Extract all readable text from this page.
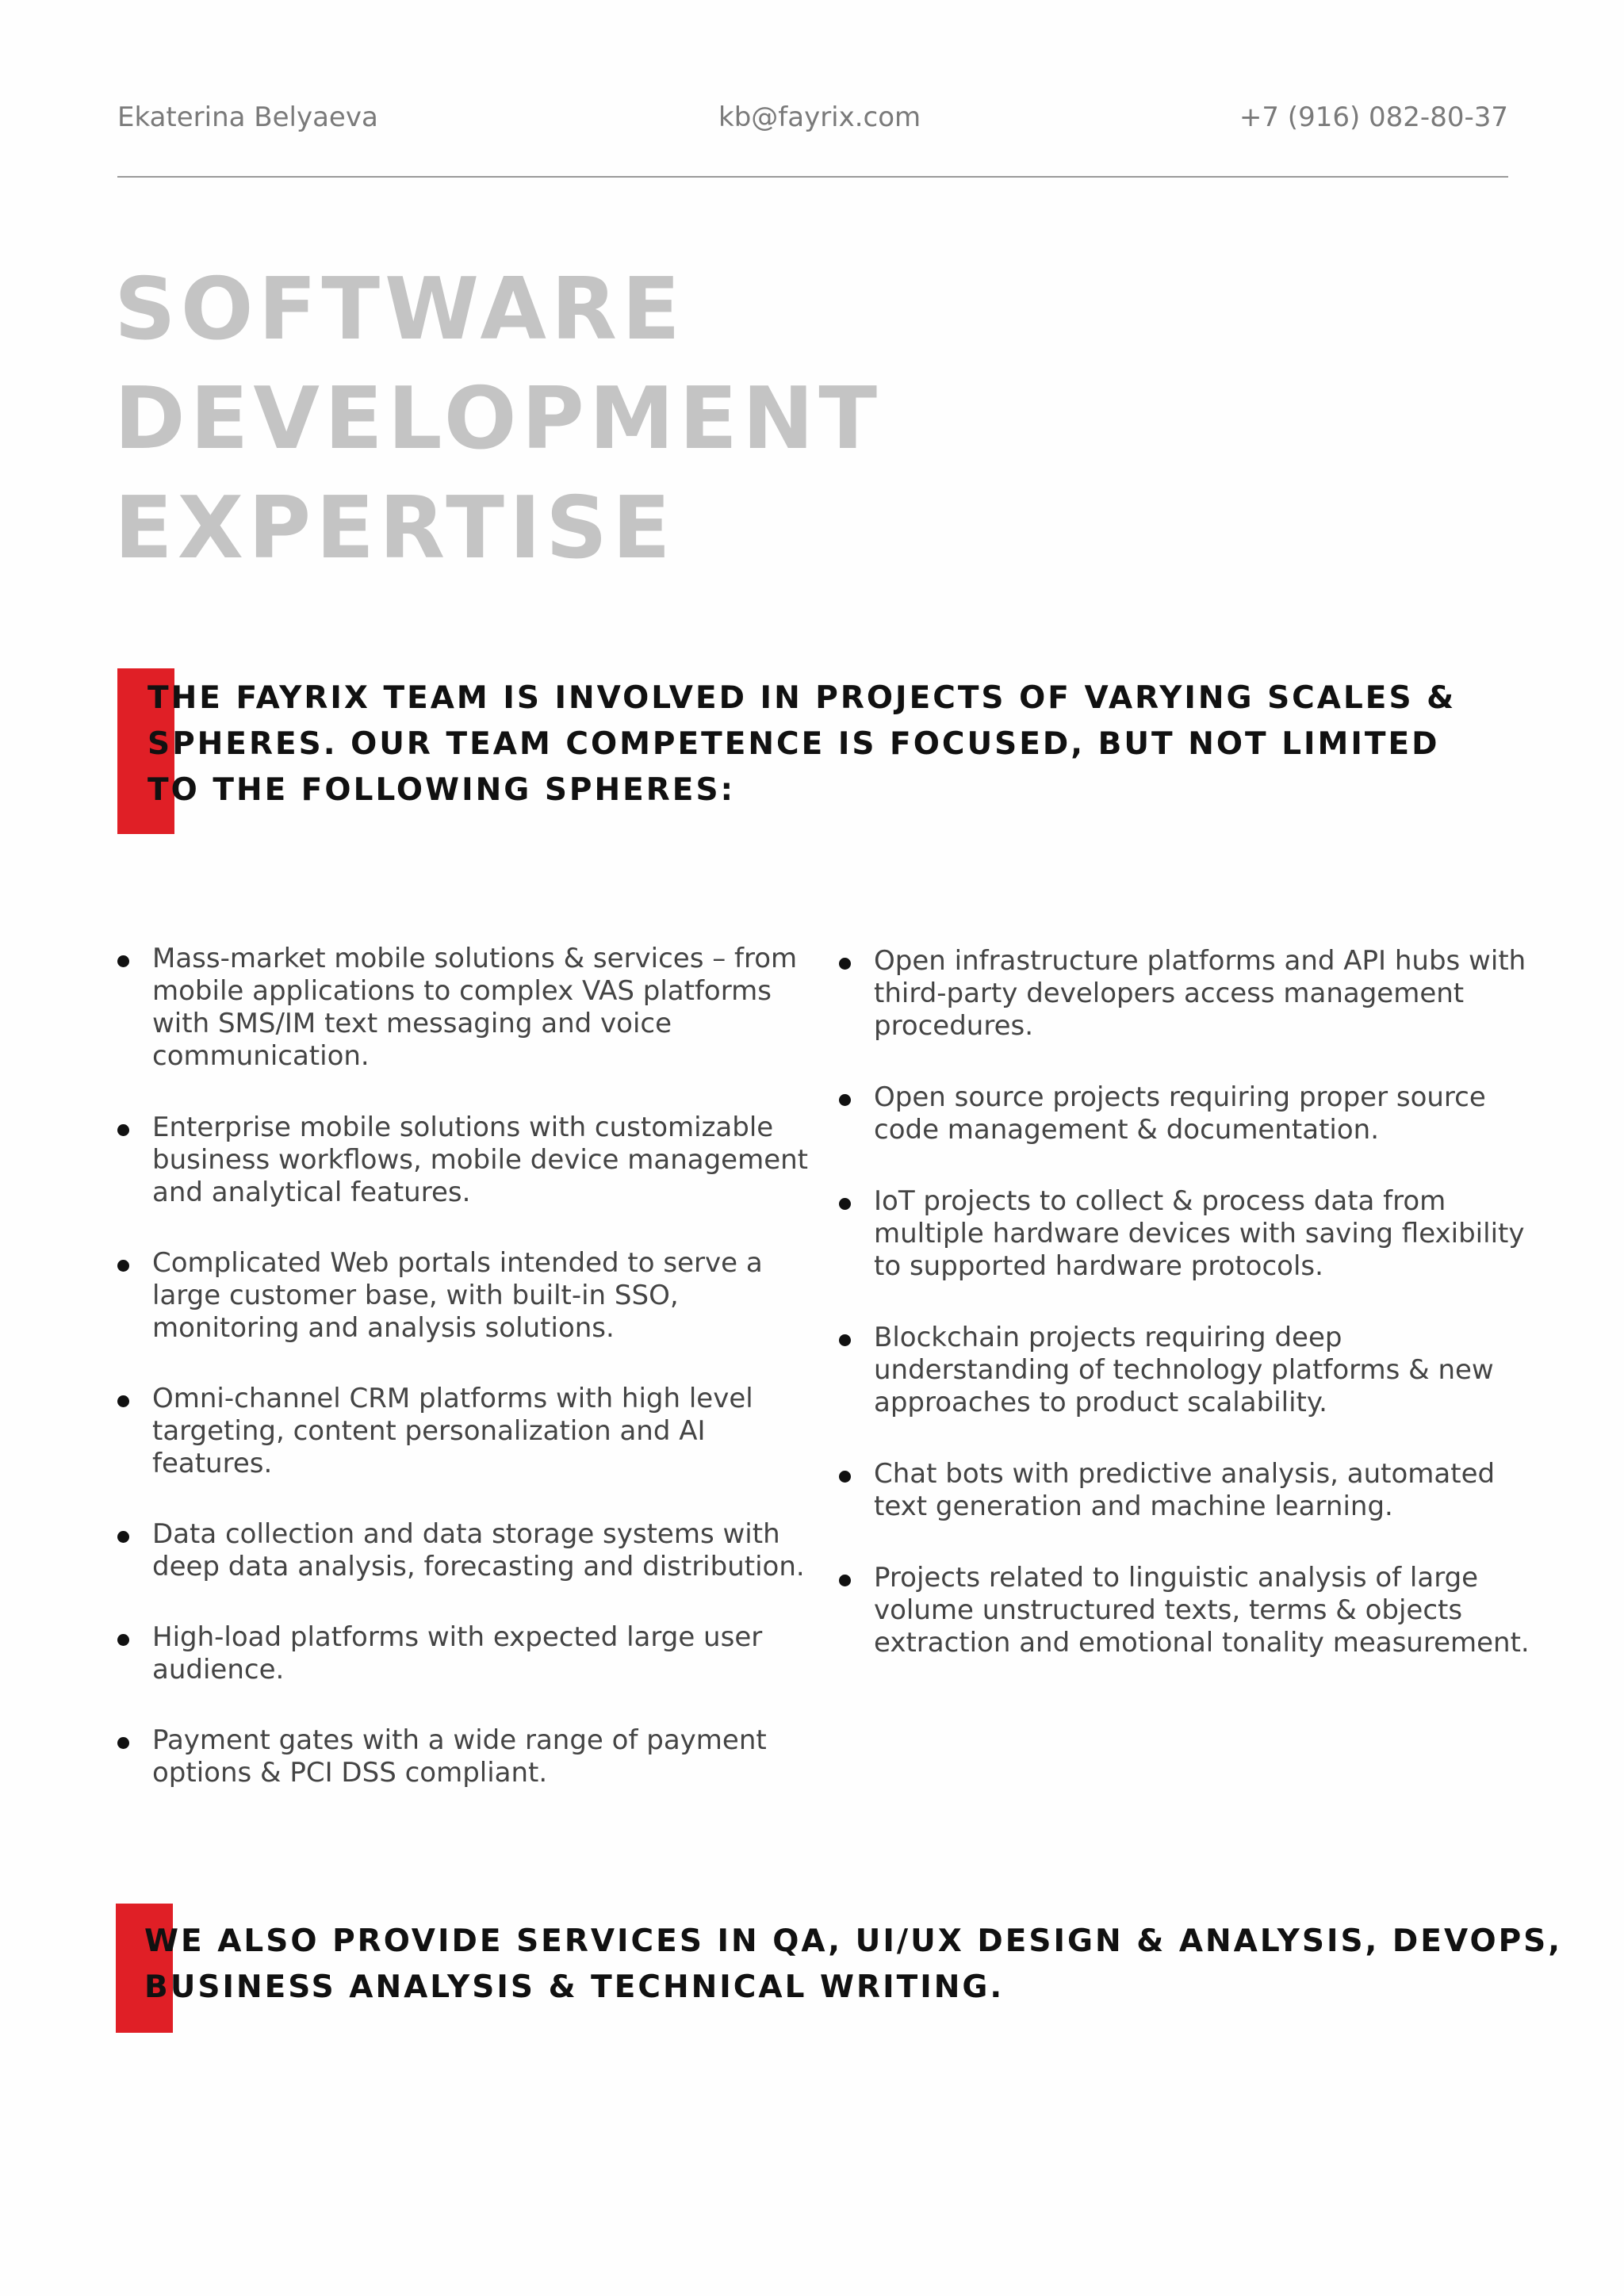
Ekaterina Belyaeva	kb@fayrix.com	+7 (916) 082-80-37
SOFTWARE
DEVELOPMENT
EXPERTISE
THE FAYRIX TEAM IS INVOLVED IN PROJECTS OF VARYING SCALES &
SPHERES. OUR TEAM COMPETENCE IS FOCUSED, BUT NOT LIMITED
TO THE FOLLOWING SPHERES:
Mass-market mobile solutions & services – from
mobile applications to complex VAS platforms
with SMS/IM text messaging and voice
communication.
Enterprise mobile solutions with customizable
business workflows, mobile device management
and analytical features.
Complicated Web portals intended to serve a
large customer base, with built-in SSO,
monitoring and analysis solutions.
Omni-channel CRM platforms with high level
targeting, content personalization and AI
features.
Data collection and data storage systems with
deep data analysis, forecasting and distribution.
High-load platforms with expected large user
audience.
Payment gates with a wide range of payment
options & PCI DSS compliant.
Open infrastructure platforms and API hubs with
third-party developers access management
procedures.
Open source projects requiring proper source
code management & documentation.
IoT projects to collect & process data from
multiple hardware devices with saving flexibility
to supported hardware protocols.
Blockchain projects requiring deep
understanding of technology platforms & new
approaches to product scalability.
Chat bots with predictive analysis, automated
text generation and machine learning.
Projects related to linguistic analysis of large
volume unstructured texts, terms & objects
extraction and emotional tonality measurement.
WE ALSO PROVIDE SERVICES IN QA, UI/UX DESIGN & ANALYSIS, DEVOPS,
BUSINESS ANALYSIS & TECHNICAL WRITING.
